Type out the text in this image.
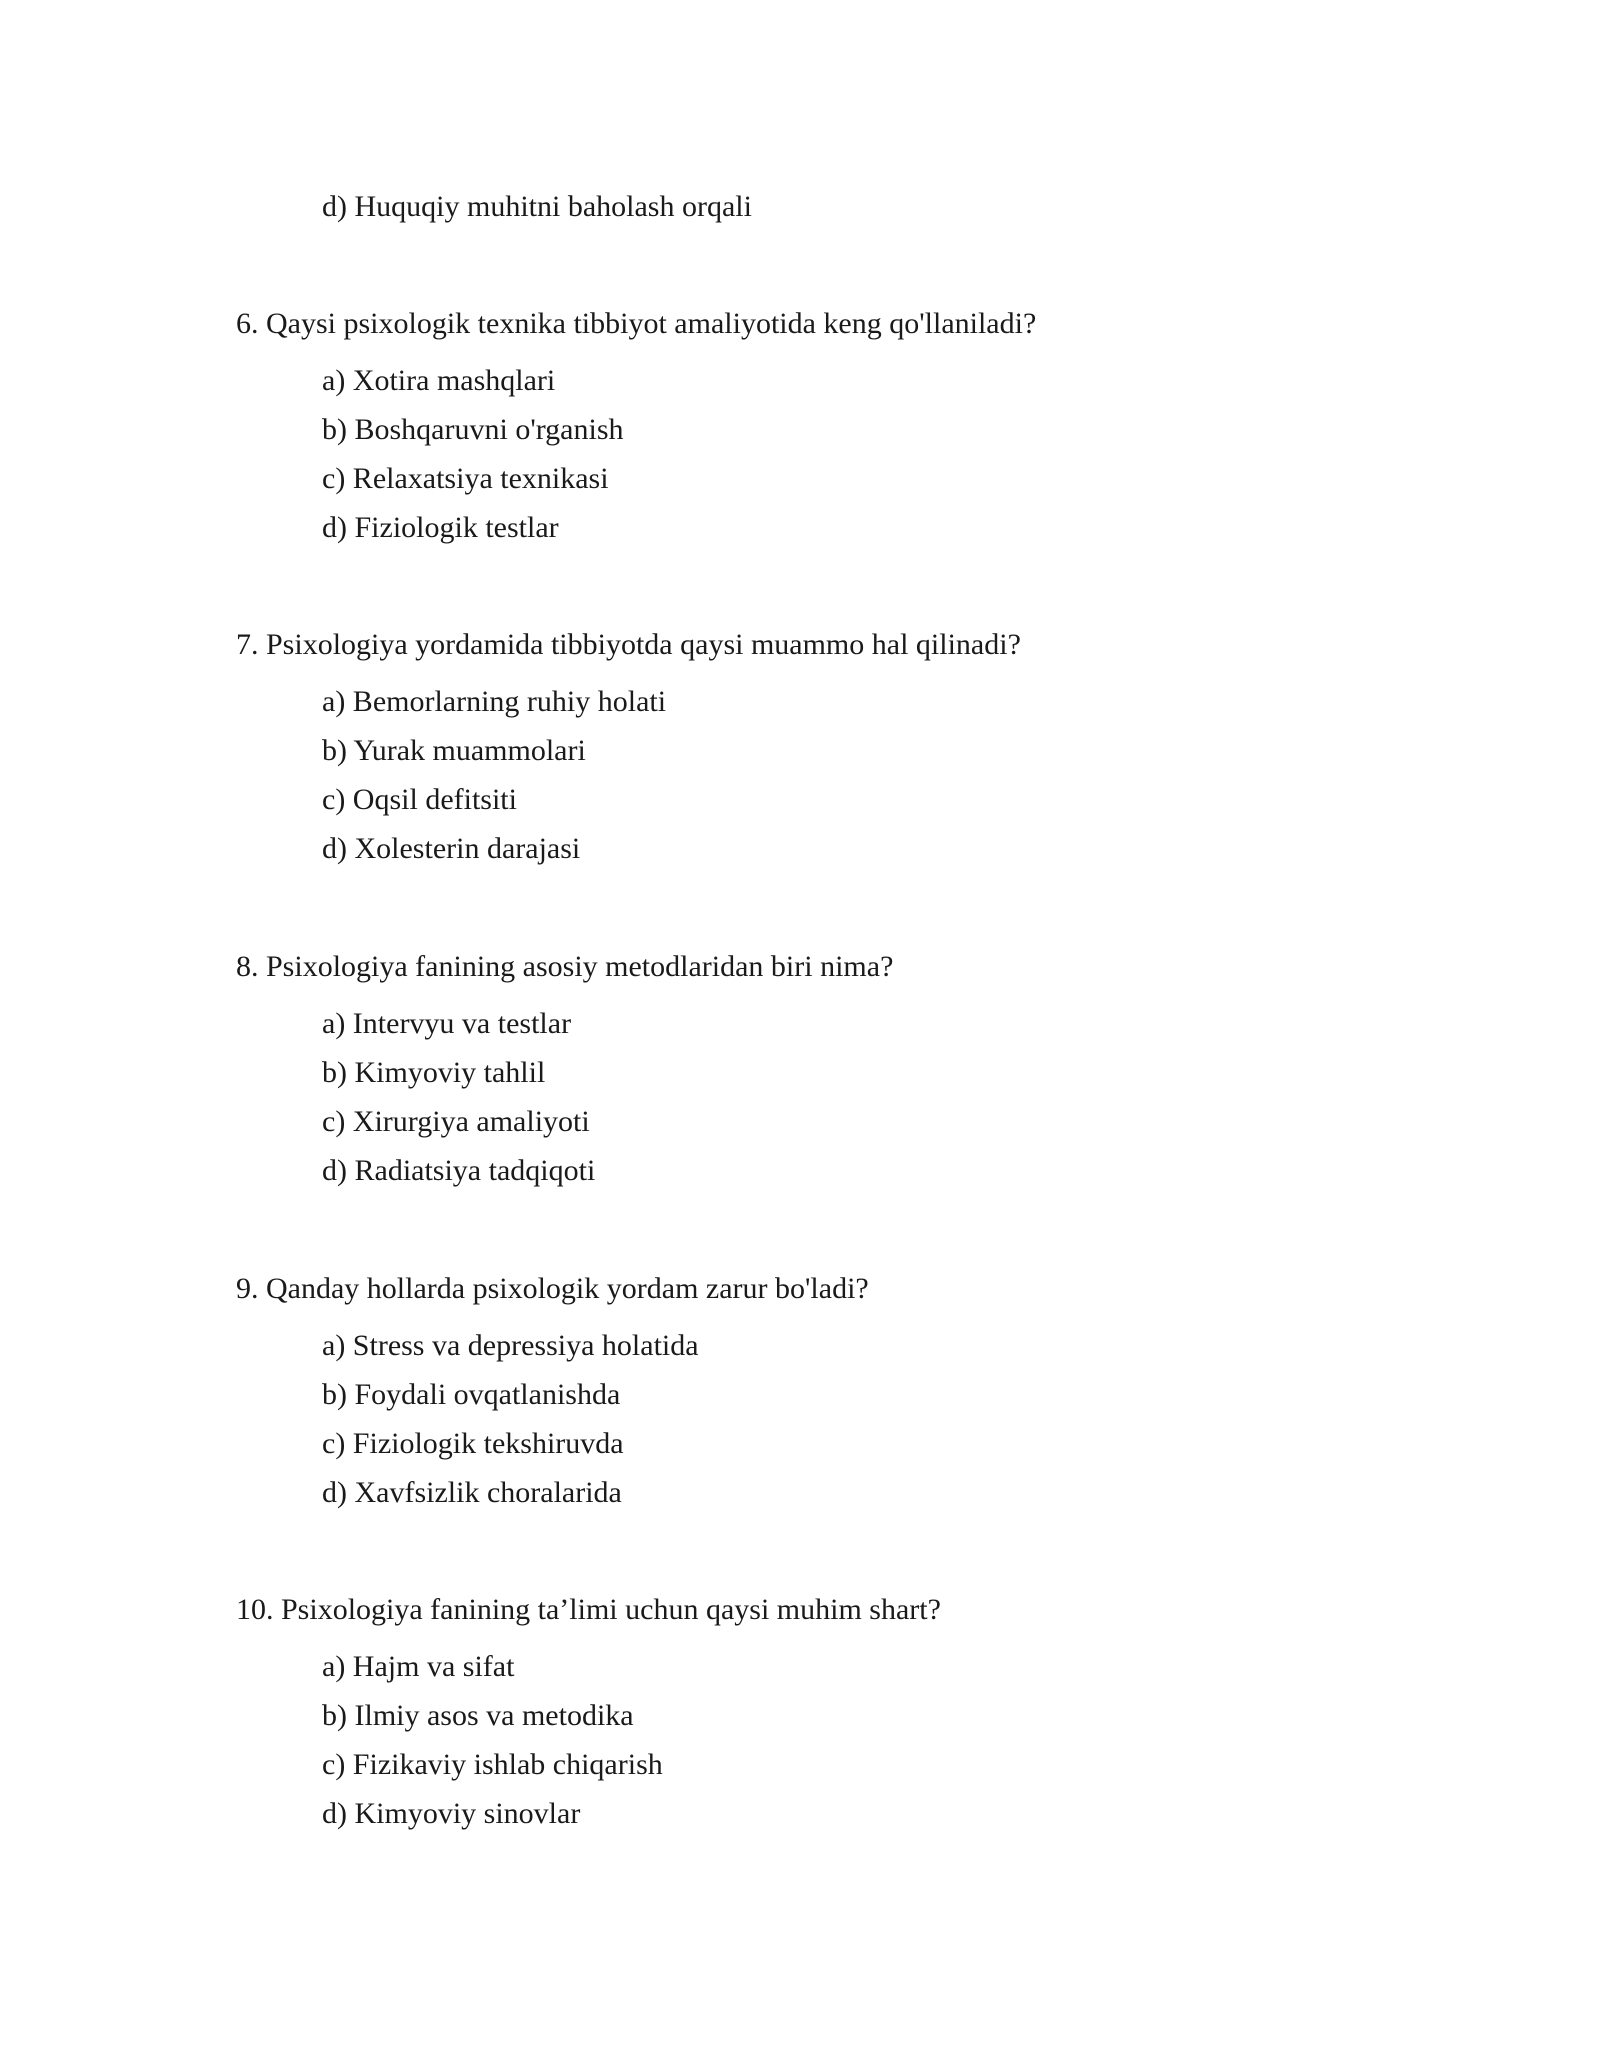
d) Huquqiy muhitni baholash orqali
6. Qaysi psixologik texnika tibbiyot amaliyotida keng qo'llaniladi?
a) Xotira mashqlari
b) Boshqaruvni o'rganish
c) Relaxatsiya texnikasi
d) Fiziologik testlar
7. Psixologiya yordamida tibbiyotda qaysi muammo hal qilinadi?
a) Bemorlarning ruhiy holati
b) Yurak muammolari
c) Oqsil defitsiti
d) Xolesterin darajasi
8. Psixologiya fanining asosiy metodlaridan biri nima?
a) Intervyu va testlar
b) Kimyoviy tahlil
c) Xirurgiya amaliyoti
d) Radiatsiya tadqiqoti
9. Qanday hollarda psixologik yordam zarur bo'ladi?
a) Stress va depressiya holatida
b) Foydali ovqatlanishda
c) Fiziologik tekshiruvda
d) Xavfsizlik choralarida
10. Psixologiya fanining ta’limi uchun qaysi muhim shart?
a) Hajm va sifat
b) Ilmiy asos va metodika
c) Fizikaviy ishlab chiqarish
d) Kimyoviy sinovlar
